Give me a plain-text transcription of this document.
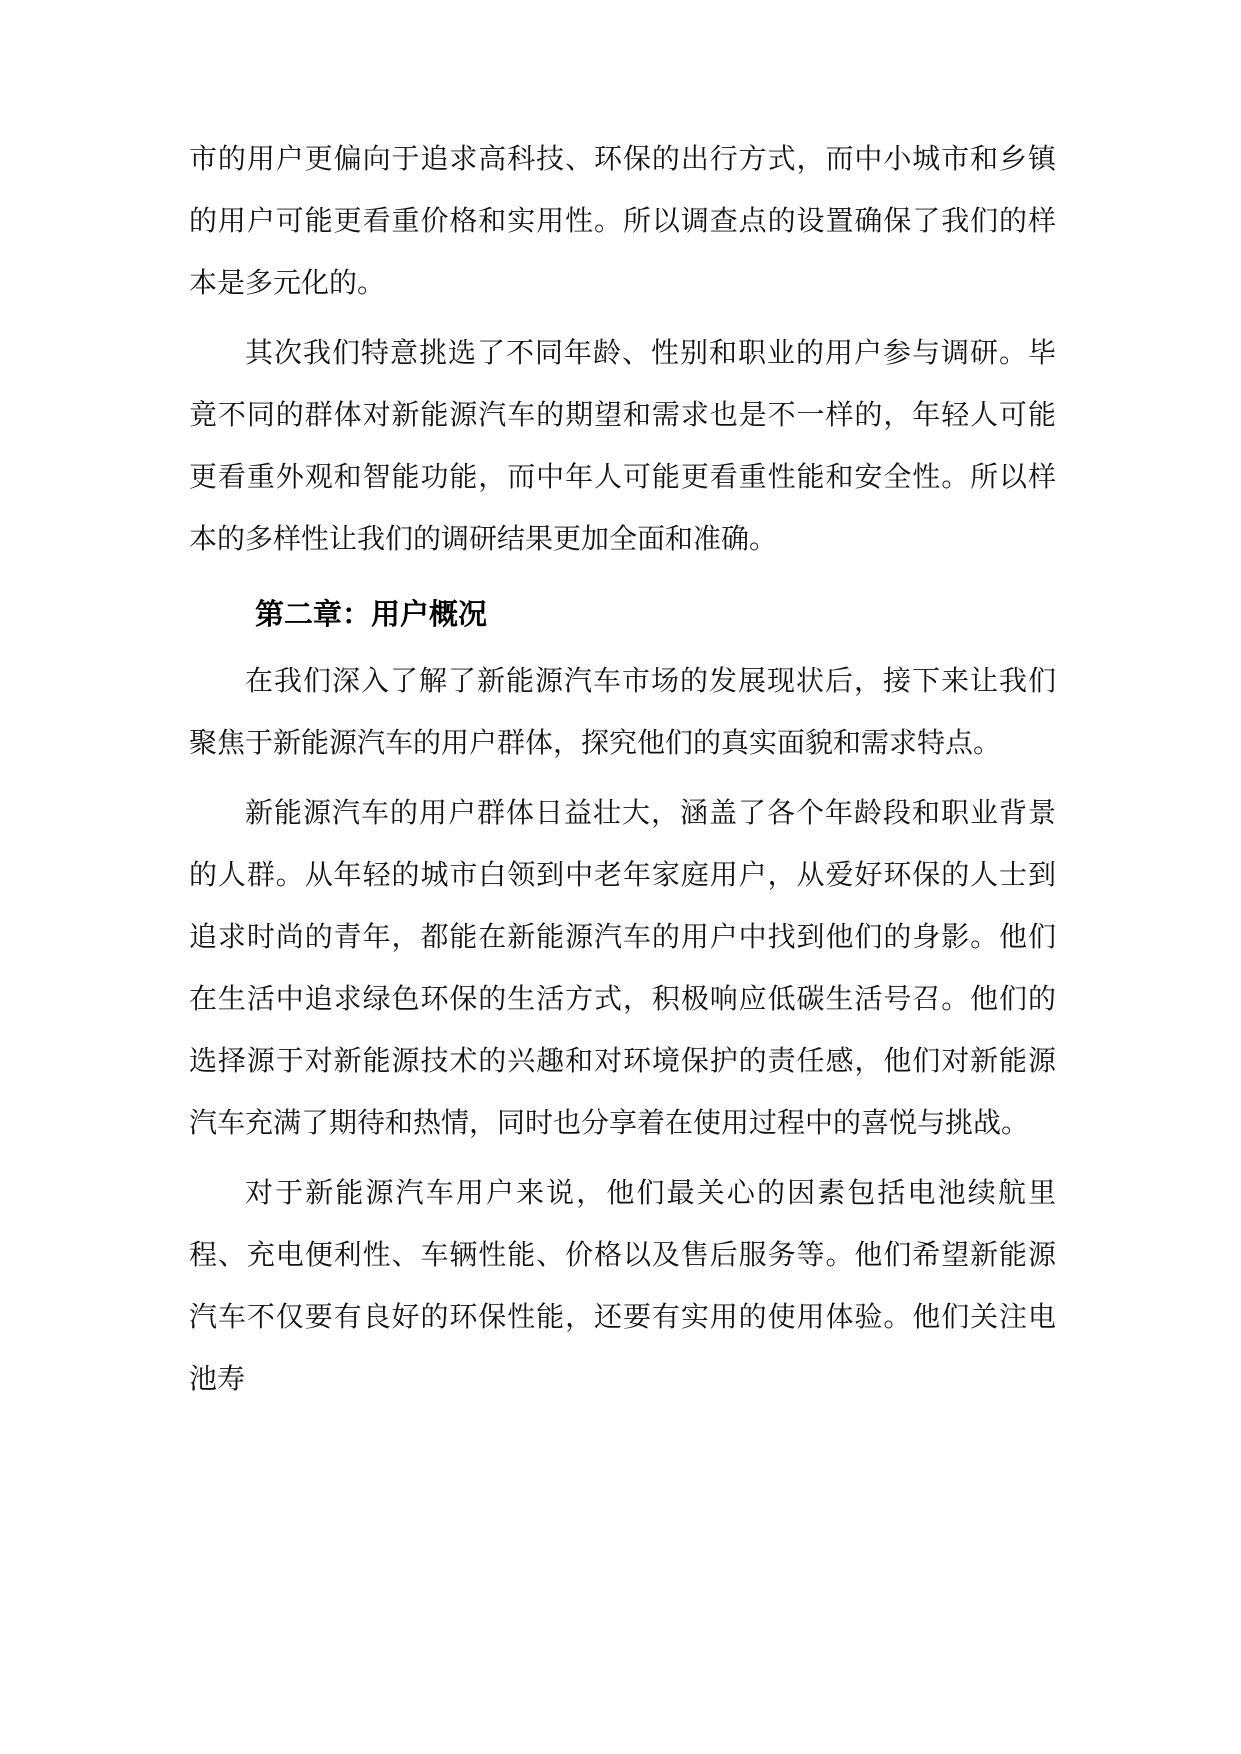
市的用户更偏向于追求高科技、环保的出行方式，而中小城市和乡镇的用户可能更看重价格和实用性。所以调查点的设置确保了我们的样本是多元化的。

其次我们特意挑选了不同年龄、性别和职业的用户参与调研。毕竟不同的群体对新能源汽车的期望和需求也是不一样的，年轻人可能更看重外观和智能功能，而中年人可能更看重性能和安全性。所以样本的多样性让我们的调研结果更加全面和准确。

第二章：用户概况

在我们深入了解了新能源汽车市场的发展现状后，接下来让我们聚焦于新能源汽车的用户群体，探究他们的真实面貌和需求特点。

新能源汽车的用户群体日益壮大，涵盖了各个年龄段和职业背景的人群。从年轻的城市白领到中老年家庭用户，从爱好环保的人士到追求时尚的青年，都能在新能源汽车的用户中找到他们的身影。他们在生活中追求绿色环保的生活方式，积极响应低碳生活号召。他们的选择源于对新能源技术的兴趣和对环境保护的责任感，他们对新能源汽车充满了期待和热情，同时也分享着在使用过程中的喜悦与挑战。

对于新能源汽车用户来说，他们最关心的因素包括电池续航里程、充电便利性、车辆性能、价格以及售后服务等。他们希望新能源汽车不仅要有良好的环保性能，还要有实用的使用体验。他们关注电池寿
